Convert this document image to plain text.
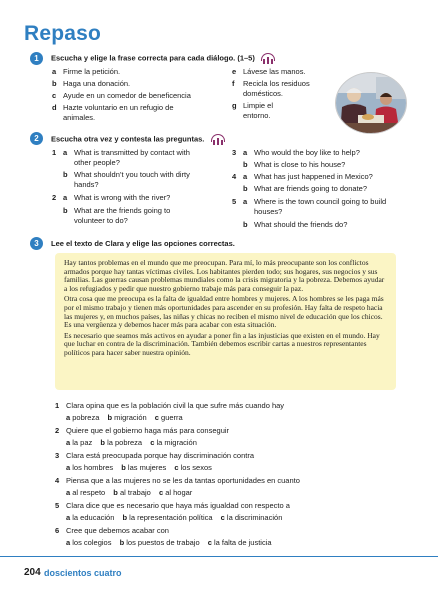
Repaso
1	Escucha y elige la frase correcta para cada diálogo. (1–5)
a Firme la petición.
b Haga una donación.
c Ayude en un comedor de beneficencia
d Hazte voluntario en un refugio de animales.
e Lávese las manos.
f	Recicla los residuos domésticos.
g Limpie el entorno.
2	Escucha otra vez y contesta las preguntas.
1 a What is transmitted by contact with other people?
b What shouldn’t you touch with dirty hands?
2 a What is wrong with the river?
b What are the friends going to volunteer to do?
3 a Who would the boy like to help?
b What is close to his house?
4 a What has just happened in Mexico?
b What are friends going to donate?
5 a Where is the town council going to build houses?
b What should the friends do?
3	Lee el texto de Clara y elige las opciones correctas.

Hay tantos problemas en el mundo que me preocupan. Para mí, lo más preocupante son los conflictos armados porque hay tantas víctimas civiles. Los habitantes pierden todo; sus hogares, sus negocios y sus familias. Las guerras causan problemas mundiales como la crisis migratoria y la pobreza. Debemos ayudar a los refugiados y pedir que nuestro gobierno trabaje más para conseguir la paz.

Otra cosa que me preocupa es la falta de igualdad entre hombres y mujeres. A los hombres se les paga más por el mismo trabajo y tienen más oportunidades para ascender en su profesión. Hay falta de respeto hacia las mujeres y, en muchos países, las niñas y chicas no reciben el mismo nivel de educación que los chicos. Es una vergüenza y debemos hacer más para acabar con esta situación.

Es necesario que seamos más activos en ayudar a poner fin a las injusticias que existen en el mundo. Hay que luchar en contra de la discriminación. También debemos escribir cartas a nuestros representantes políticos para hacer saber nuestra opinión.

1 Clara opina que es la población civil la que sufre más cuando hay
a pobreza b migración c guerra
2 Quiere que el gobierno haga más para conseguir
a la paz b la pobreza c la migración
3 Clara está preocupada porque hay discriminación contra
a los hombres b las mujeres c los sexos
4 Piensa que a las mujeres no se les da tantas oportunidades en cuanto
a al respeto b al trabajo c al hogar
5 Clara dice que es necesario que haya más igualdad con respecto a
a la educación b la representación política c la discriminación
6 Cree que debemos acabar con
a los colegios b los puestos de trabajo c la falta de justicia
204 doscientos cuatro
